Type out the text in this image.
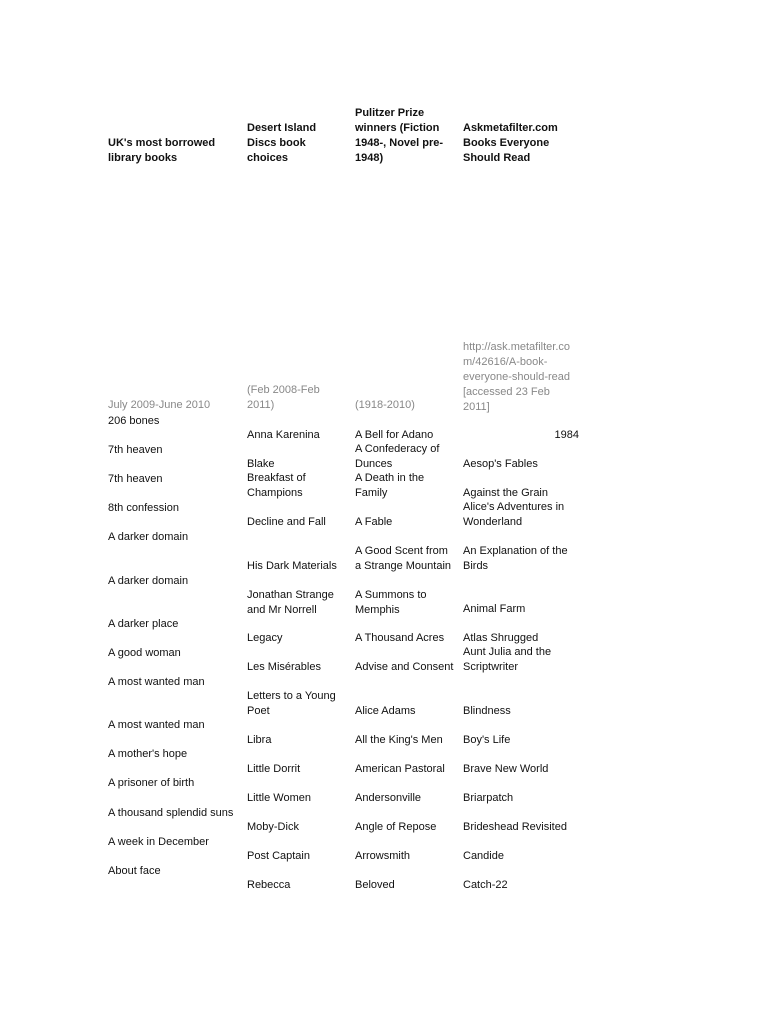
UK's most borrowed
library books
Desert Island
Discs book
choices
Pulitzer Prize
winners (Fiction
1948-, Novel pre-
1948)
Askmetafilter.com
Books Everyone
Should Read
July 2009-June 2010
(Feb 2008-Feb
2011)	(1918-2010)
http://ask.metafilter.co
m/42616/A-book-
everyone-should-read
[accessed 23 Feb
2011]
206 bones
7th heaven
7th heaven
8th confession
A darker domain
A darker domain
A darker place
A good woman
A most wanted man
A most wanted man
A mother's hope
A prisoner of birth
A thousand splendid suns
A week in December
About face
Anna Karenina
Blake
Breakfast of
Champions
Decline and Fall
His Dark Materials
Jonathan Strange
and Mr Norrell
Legacy
Les Misérables
Letters to a Young
Poet
Libra
Little Dorrit
Little Women
Moby-Dick
Post Captain
Rebecca
A Bell for Adano
A Confederacy of
Dunces
A Death in the
Family
A Fable
A Good Scent from
a Strange Mountain
A Summons to
Memphis
A Thousand Acres
Advise and Consent
Alice Adams
All the King's Men
American Pastoral
Andersonville
Angle of Repose
Arrowsmith
Beloved
1984
Aesop's Fables
Against the Grain
Alice's Adventures in
Wonderland
An Explanation of the
Birds
Animal Farm
Atlas Shrugged
Aunt Julia and the
Scriptwriter
Blindness
Boy's Life
Brave New World
Briarpatch
Brideshead Revisited
Candide
Catch-22
